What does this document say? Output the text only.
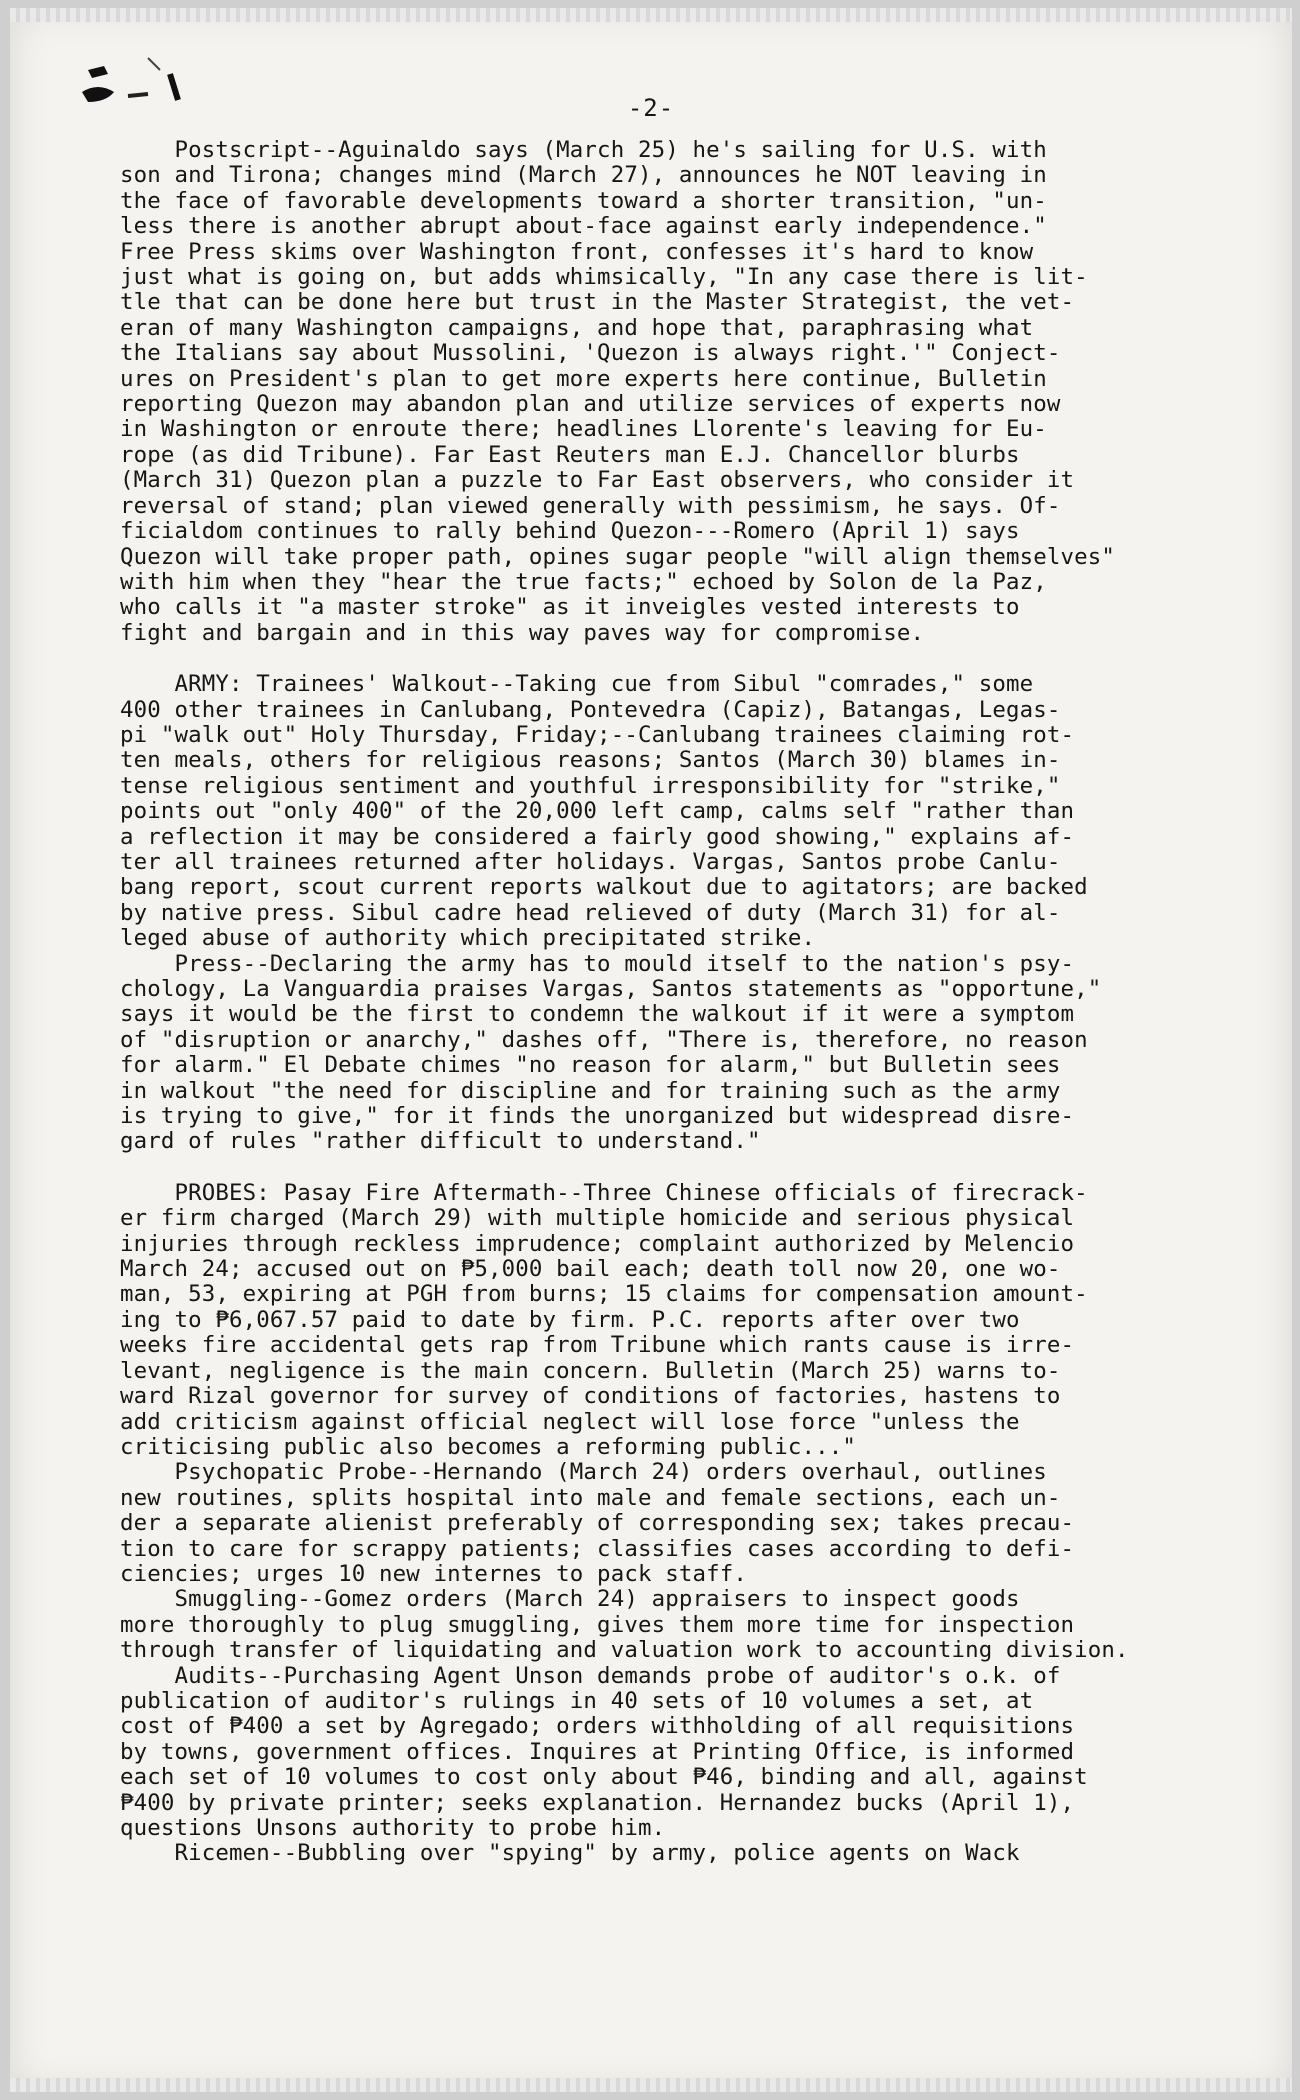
-2-

Postscript--Aguinaldo says (March 25) he's sailing for U.S. with

son and Tirona; changes mind (March 27), announces he NOT leaving in

the face of favorable developments toward a shorter transition, "un-

less there is another abrupt about-face against early independence."

Free Press skims over Washington front, confesses it's hard to know

just what is going on, but adds whimsically, "In any case there is lit-

tle that can be done here but trust in the Master Strategist, the vet-

eran of many Washington campaigns, and hope that, paraphrasing what

the Italians say about Mussolini, 'Quezon is always right.'" Conject-

ures on President's plan to get more experts here continue, Bulletin

reporting Quezon may abandon plan and utilize services of experts now

in Washington or enroute there; headlines Llorente's leaving for Eu-

rope (as did Tribune). Far East Reuters man E.J. Chancellor blurbs

(March 31) Quezon plan a puzzle to Far East observers, who consider it

reversal of stand; plan viewed generally with pessimism, he says. Of-

ficialdom continues to rally behind Quezon---Romero (April 1) says

Quezon will take proper path, opines sugar people "will align themselves"

with him when they "hear the true facts;" echoed by Solon de la Paz,

who calls it "a master stroke" as it inveigles vested interests to

fight and bargain and in this way paves way for compromise.

ARMY: Trainees' Walkout--Taking cue from Sibul "comrades," some

400 other trainees in Canlubang, Pontevedra (Capiz), Batangas, Legas-

pi "walk out" Holy Thursday, Friday;--Canlubang trainees claiming rot-

ten meals, others for religious reasons; Santos (March 30) blames in-

tense religious sentiment and youthful irresponsibility for "strike,"

points out "only 400" of the 20,000 left camp, calms self "rather than

a reflection it may be considered a fairly good showing," explains af-

ter all trainees returned after holidays. Vargas, Santos probe Canlu-

bang report, scout current reports walkout due to agitators; are backed

by native press. Sibul cadre head relieved of duty (March 31) for al-

leged abuse of authority which precipitated strike.

Press--Declaring the army has to mould itself to the nation's psy-

chology, La Vanguardia praises Vargas, Santos statements as "opportune,"

says it would be the first to condemn the walkout if it were a symptom

of "disruption or anarchy," dashes off, "There is, therefore, no reason

for alarm." El Debate chimes "no reason for alarm," but Bulletin sees

in walkout "the need for discipline and for training such as the army

is trying to give," for it finds the unorganized but widespread disre-

gard of rules "rather difficult to understand."

PROBES: Pasay Fire Aftermath--Three Chinese officials of firecrack-

er firm charged (March 29) with multiple homicide and serious physical

injuries through reckless imprudence; complaint authorized by Melencio

March 24; accused out on ₱5,000 bail each; death toll now 20, one wo-

man, 53, expiring at PGH from burns; 15 claims for compensation amount-

ing to ₱6,067.57 paid to date by firm. P.C. reports after over two

weeks fire accidental gets rap from Tribune which rants cause is irre-

levant, negligence is the main concern. Bulletin (March 25) warns to-

ward Rizal governor for survey of conditions of factories, hastens to

add criticism against official neglect will lose force "unless the

criticising public also becomes a reforming public..."

Psychopatic Probe--Hernando (March 24) orders overhaul, outlines

new routines, splits hospital into male and female sections, each un-

der a separate alienist preferably of corresponding sex; takes precau-

tion to care for scrappy patients; classifies cases according to defi-

ciencies; urges 10 new internes to pack staff.

Smuggling--Gomez orders (March 24) appraisers to inspect goods

more thoroughly to plug smuggling, gives them more time for inspection

through transfer of liquidating and valuation work to accounting division.

Audits--Purchasing Agent Unson demands probe of auditor's o.k. of

publication of auditor's rulings in 40 sets of 10 volumes a set, at

cost of ₱400 a set by Agregado; orders withholding of all requisitions

by towns, government offices. Inquires at Printing Office, is informed

each set of 10 volumes to cost only about ₱46, binding and all, against

₱400 by private printer; seeks explanation. Hernandez bucks (April 1),

questions Unsons authority to probe him.

Ricemen--Bubbling over "spying" by army, police agents on Wack
